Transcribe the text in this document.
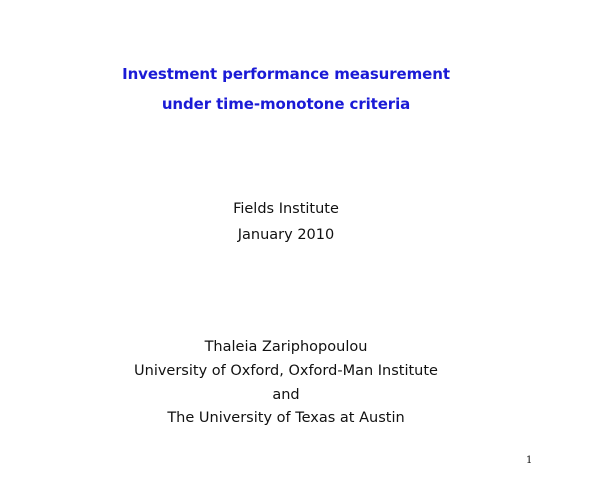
Investment performance measurement
under time-monotone criteria
Fields Institute
January 2010
Thaleia Zariphopoulou
University of Oxford, Oxford-Man Institute
and
The University of Texas at Austin
1
